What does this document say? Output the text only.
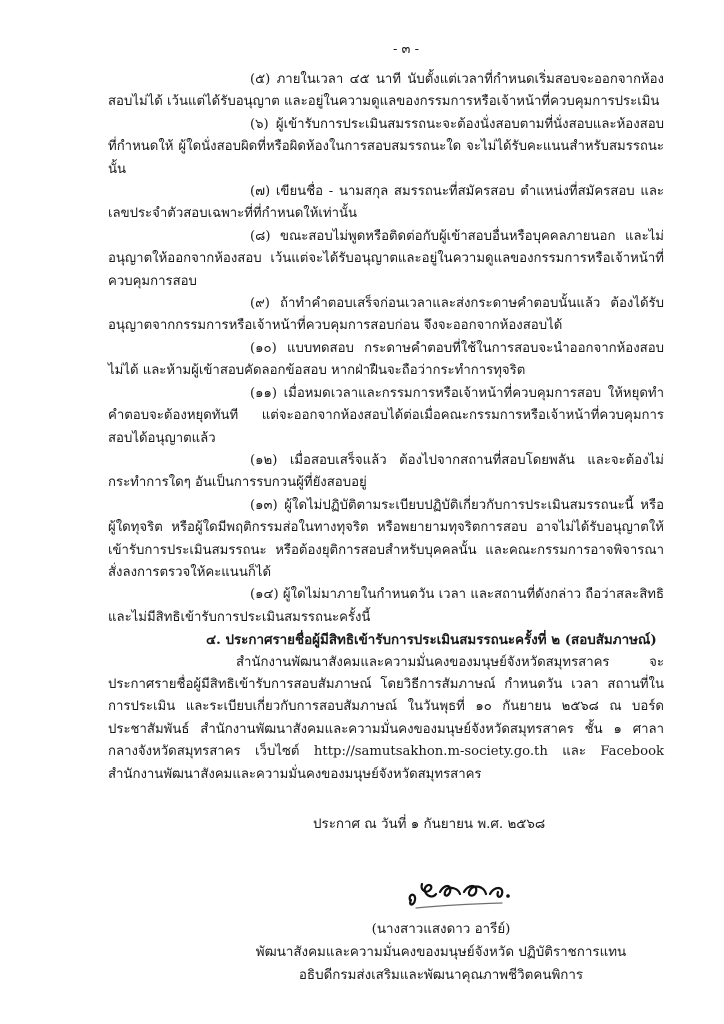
- ๓ -

(๕) ภายในเวลา ๔๕ นาที นับตั้งแต่เวลาที่กำหนดเริ่มสอบจะออกจากห้องสอบไม่ได้ เว้นแต่ได้รับอนุญาต และอยู่ในความดูแลของกรรมการหรือเจ้าหน้าที่ควบคุมการประเมิน

(๖) ผู้เข้ารับการประเมินสมรรถนะจะต้องนั่งสอบตามที่นั่งสอบและห้องสอบที่กำหนดให้ ผู้ใดนั่งสอบผิดที่หรือผิดห้องในการสอบสมรรถนะใด จะไม่ได้รับคะแนนสำหรับสมรรถนะนั้น

(๗) เขียนชื่อ - นามสกุล สมรรถนะที่สมัครสอบ ตำแหน่งที่สมัครสอบ และเลขประจำตัวสอบเฉพาะที่ที่กำหนดให้เท่านั้น

(๘) ขณะสอบไม่พูดหรือติดต่อกับผู้เข้าสอบอื่นหรือบุคคลภายนอก และไม่อนุญาตให้ออกจากห้องสอบ เว้นแต่จะได้รับอนุญาตและอยู่ในความดูแลของกรรมการหรือเจ้าหน้าที่ควบคุมการสอบ

(๙) ถ้าทำคำตอบเสร็จก่อนเวลาและส่งกระดาษคำตอบนั้นแล้ว ต้องได้รับอนุญาตจากกรรมการหรือเจ้าหน้าที่ควบคุมการสอบก่อน จึงจะออกจากห้องสอบได้

(๑๐) แบบทดสอบ กระดาษคำตอบที่ใช้ในการสอบจะนำออกจากห้องสอบไม่ได้ และห้ามผู้เข้าสอบคัดลอกข้อสอบ หากฝ่าฝืนจะถือว่ากระทำการทุจริต

(๑๑) เมื่อหมดเวลาและกรรมการหรือเจ้าหน้าที่ควบคุมการสอบ ให้หยุดทำคำตอบจะต้องหยุดทันที แต่จะออกจากห้องสอบได้ต่อเมื่อคณะกรรมการหรือเจ้าหน้าที่ควบคุมการสอบได้อนุญาตแล้ว

(๑๒) เมื่อสอบเสร็จแล้ว ต้องไปจากสถานที่สอบโดยพลัน และจะต้องไม่กระทำการใดๆ อันเป็นการรบกวนผู้ที่ยังสอบอยู่

(๑๓) ผู้ใดไม่ปฏิบัติตามระเบียบปฏิบัติเกี่ยวกับการประเมินสมรรถนะนี้ หรือผู้ใดทุจริต หรือผู้ใดมีพฤติกรรมส่อในทางทุจริต หรือพยายามทุจริตการสอบ อาจไม่ได้รับอนุญาตให้เข้ารับการประเมินสมรรถนะ หรือต้องยุติการสอบสำหรับบุคคลนั้น และคณะกรรมการอาจพิจารณาสั่งลงการตรวจให้คะแนนก็ได้

(๑๔) ผู้ใดไม่มาภายในกำหนดวัน เวลา และสถานที่ดังกล่าว ถือว่าสละสิทธิและไม่มีสิทธิเข้ารับการประเมินสมรรถนะครั้งนี้

๔. ประกาศรายชื่อผู้มีสิทธิเข้ารับการประเมินสมรรถนะครั้งที่ ๒ (สอบสัมภาษณ์)

สำนักงานพัฒนาสังคมและความมั่นคงของมนุษย์จังหวัดสมุทรสาคร จะประกาศรายชื่อผู้มีสิทธิเข้ารับการสอบสัมภาษณ์ โดยวิธีการสัมภาษณ์ กำหนดวัน เวลา สถานที่ในการประเมิน และระเบียบเกี่ยวกับการสอบสัมภาษณ์ ในวันพุธที่ ๑๐ กันยายน ๒๕๖๘ ณ บอร์ดประชาสัมพันธ์ สำนักงานพัฒนาสังคมและความมั่นคงของมนุษย์จังหวัดสมุทรสาคร ชั้น ๑ ศาลากลางจังหวัดสมุทรสาคร เว็บไซต์ http://samutsakhon.m-society.go.th และ Facebook สำนักงานพัฒนาสังคมและความมั่นคงของมนุษย์จังหวัดสมุทรสาคร

ประกาศ ณ วันที่ ๑ กันยายน พ.ศ. ๒๕๖๘

(นางสาวแสงดาว อารีย์)

พัฒนาสังคมและความมั่นคงของมนุษย์จังหวัด ปฏิบัติราชการแทน

อธิบดีกรมส่งเสริมและพัฒนาคุณภาพชีวิตคนพิการ
